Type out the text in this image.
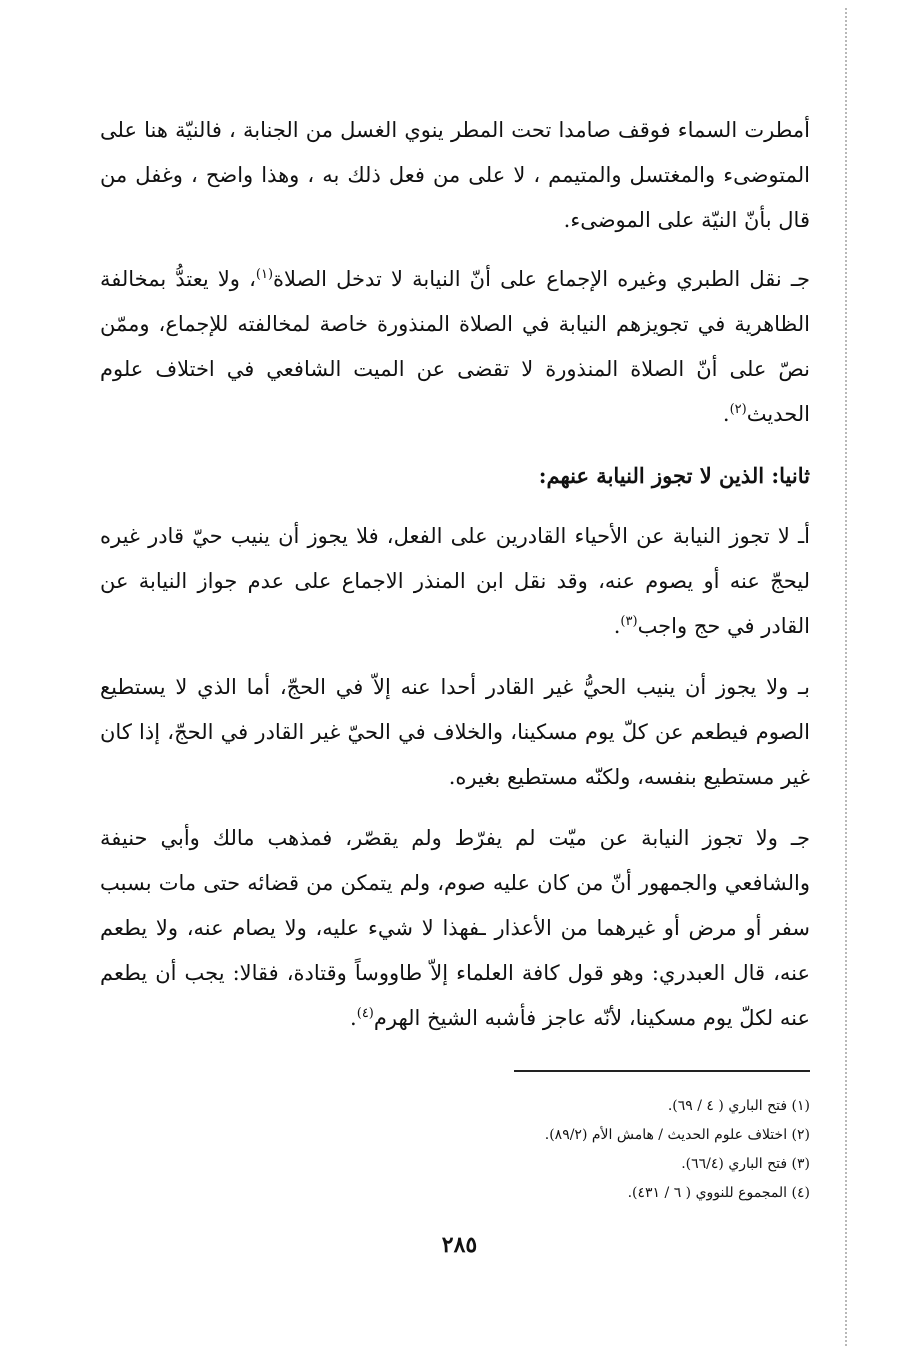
أمطرت السماء فوقف صامدا تحت المطر ينوي الغسل من الجنابة ، فالنيّة هنا على المتوضىء والمغتسل والمتيمم ، لا على من فعل ذلك به ، وهذا واضح ، وغفل من قال بأنّ النيّة على الموضىء.

جـ نقل الطبري وغيره الإجماع على أنّ النيابة لا تدخل الصلاة$^{(١)}$، ولا يعتدُّ بمخالفة الظاهرية في تجويزهم النيابة في الصلاة المنذورة خاصة لمخالفته للإجماع، وممّن نصّ على أنّ الصلاة المنذورة لا تقضى عن الميت الشافعي في اختلاف علوم الحديث$^{(٢)}$.

ثانيا: الذين لا تجوز النيابة عنهم:

أـ لا تجوز النيابة عن الأحياء القادرين على الفعل، فلا يجوز أن ينيب حيّ قادر غيره ليحجّ عنه أو يصوم عنه، وقد نقل ابن المنذر الاجماع على عدم جواز النيابة عن القادر في حج واجب$^{(٣)}$.

بـ ولا يجوز أن ينيب الحيُّ غير القادر أحدا عنه إلاّ في الحجّ، أما الذي لا يستطيع الصوم فيطعم عن كلّ يوم مسكينا، والخلاف في الحيّ غير القادر في الحجّ، إذا كان غير مستطيع بنفسه، ولكنّه مستطيع بغيره.

جـ ولا تجوز النيابة عن ميّت لم يفرّط ولم يقصّر، فمذهب مالك وأبي حنيفة والشافعي والجمهور أنّ من كان عليه صوم، ولم يتمكن من قضائه حتى مات بسبب سفر أو مرض أو غيرهما من الأعذار ـفهذا لا شيء عليه، ولا يصام عنه، ولا يطعم عنه، قال العبدري: وهو قول كافة العلماء إلاّ طاووساً وقتادة، فقالا: يجب أن يطعم عنه لكلّ يوم مسكينا، لأنّه عاجز فأشبه الشيخ الهرم$^{(٤)}$.

(١) فتح الباري ( ٤ / ٦٩).
(٢) اختلاف علوم الحديث / هامش الأم (٨٩/٢).
(٣) فتح الباري (٦٦/٤).
(٤) المجموع للنووي ( ٦ / ٤٣١).
٢٨٥
